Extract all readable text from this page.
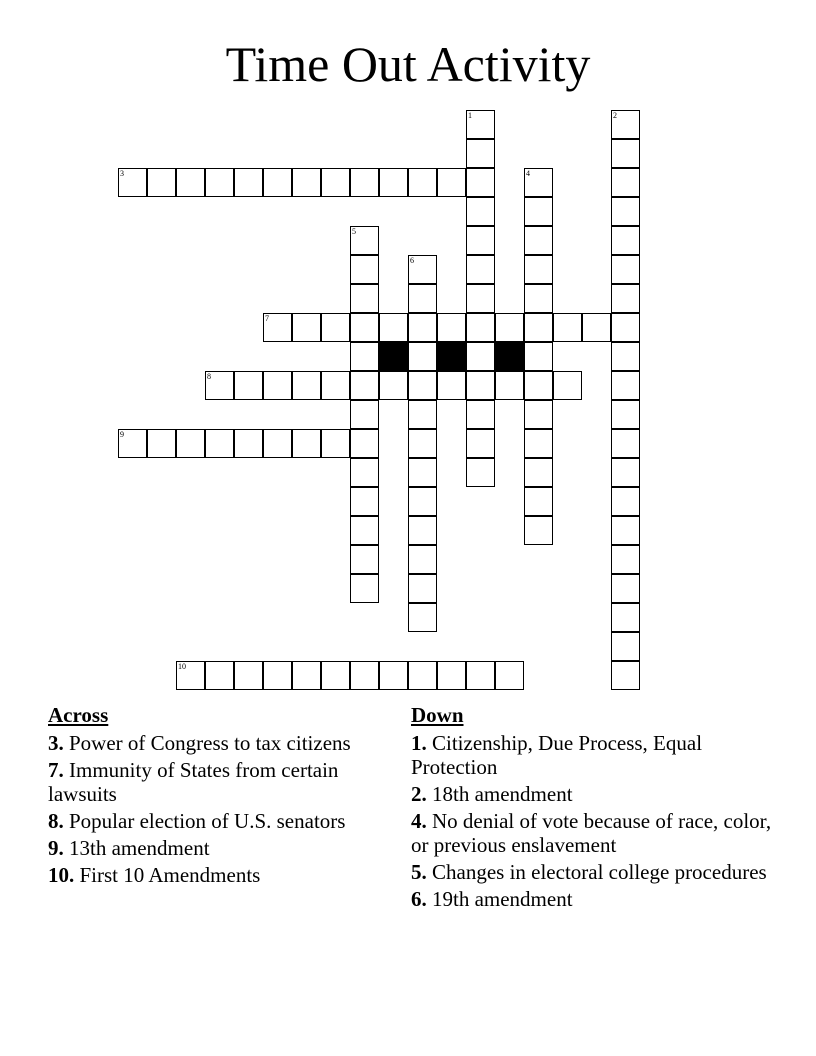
Time Out Activity
3
7
8
9
10
1	2
4
5
6
Across
3. Power of Congress to tax citizens
7. Immunity of States from certain lawsuits
8. Popular election of U.S. senators
9. 13th amendment
10. First 10 Amendments
Down
1. Citizenship, Due Process, Equal Protection
2. 18th amendment
4. No denial of vote because of race, color, or previous enslavement
5. Changes in electoral college procedures
6. 19th amendment
